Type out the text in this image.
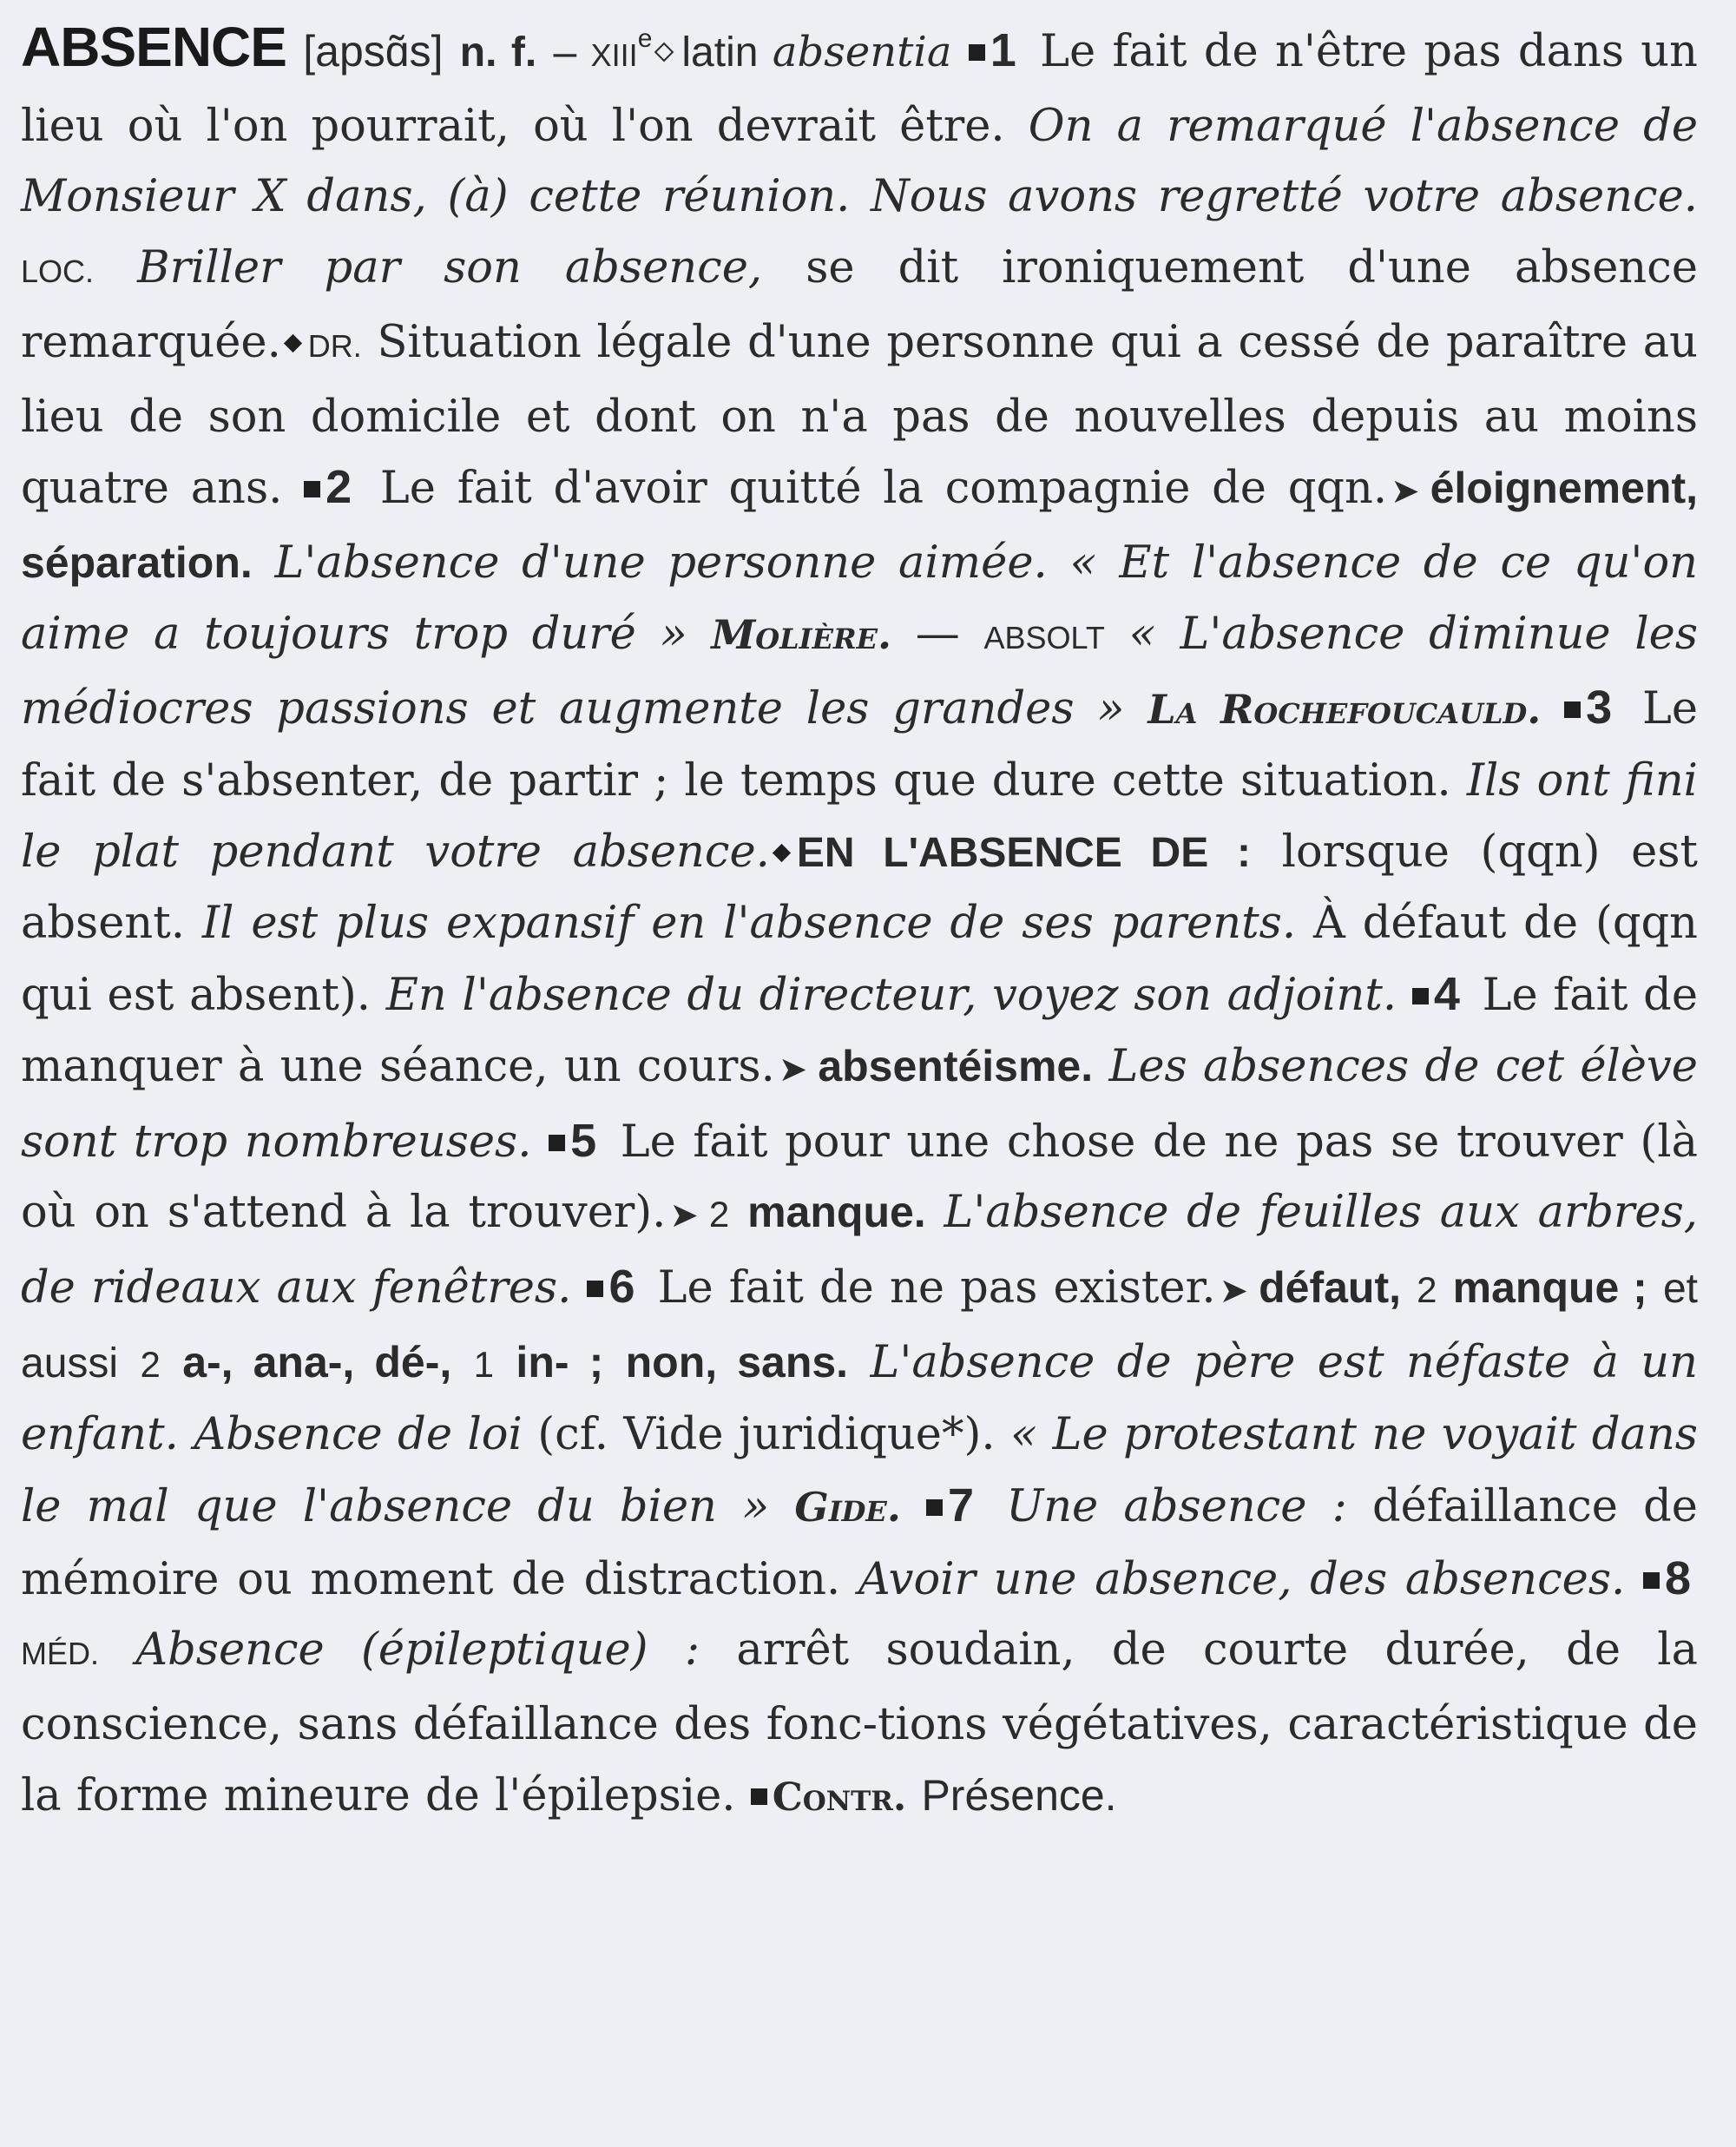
ABSENCE [apsɑ̃s] n. f. – XIIIe latin absentia 1 Le fait de n'être pas dans un lieu où l'on pourrait, où l'on devrait être. On a remarqué l'absence de Monsieur X dans, (à) cette réunion. Nous avons regretté votre absence. LOC. Briller par son absence, se dit ironiquement d'une absence remarquée. DR. Situation légale d'une personne qui a cessé de paraître au lieu de son domicile et dont on n'a pas de nouvelles depuis au moins quatre ans. 2 Le fait d'avoir quitté la compagnie de qqn. ➤ éloignement, séparation. L'absence d'une personne aimée. « Et l'absence de ce qu'on aime a toujours trop duré » Molière. — ABSOLT « L'absence diminue les médiocres passions et augmente les grandes » La Rochefoucauld. 3 Le fait de s'absenter, de partir ; le temps que dure cette situation. Ils ont fini le plat pendant votre absence. EN L'ABSENCE DE : lorsque (qqn) est absent. Il est plus expansif en l'absence de ses parents. À défaut de (qqn qui est absent). En l'absence du directeur, voyez son adjoint. 4 Le fait de manquer à une séance, un cours. ➤ absentéisme. Les absences de cet élève sont trop nombreuses. 5 Le fait pour une chose de ne pas se trouver (là où on s'attend à la trouver). ➤ 2 manque. L'absence de feuilles aux arbres, de rideaux aux fenêtres. 6 Le fait de ne pas exister. ➤ défaut, 2 manque ; et aussi 2 a-, ana-, dé-, 1 in- ; non, sans. L'absence de père est néfaste à un enfant. Absence de loi (cf. Vide juridique*). « Le protestant ne voyait dans le mal que l'absence du bien » Gide. 7 Une absence : défaillance de mémoire ou moment de distraction. Avoir une absence, des absences. 8 MÉD. Absence (épileptique) : arrêt soudain, de courte durée, de la conscience, sans défaillance des fonc-tions végétatives, caractéristique de la forme mineure de l'épilepsie. Contr. Présence.
